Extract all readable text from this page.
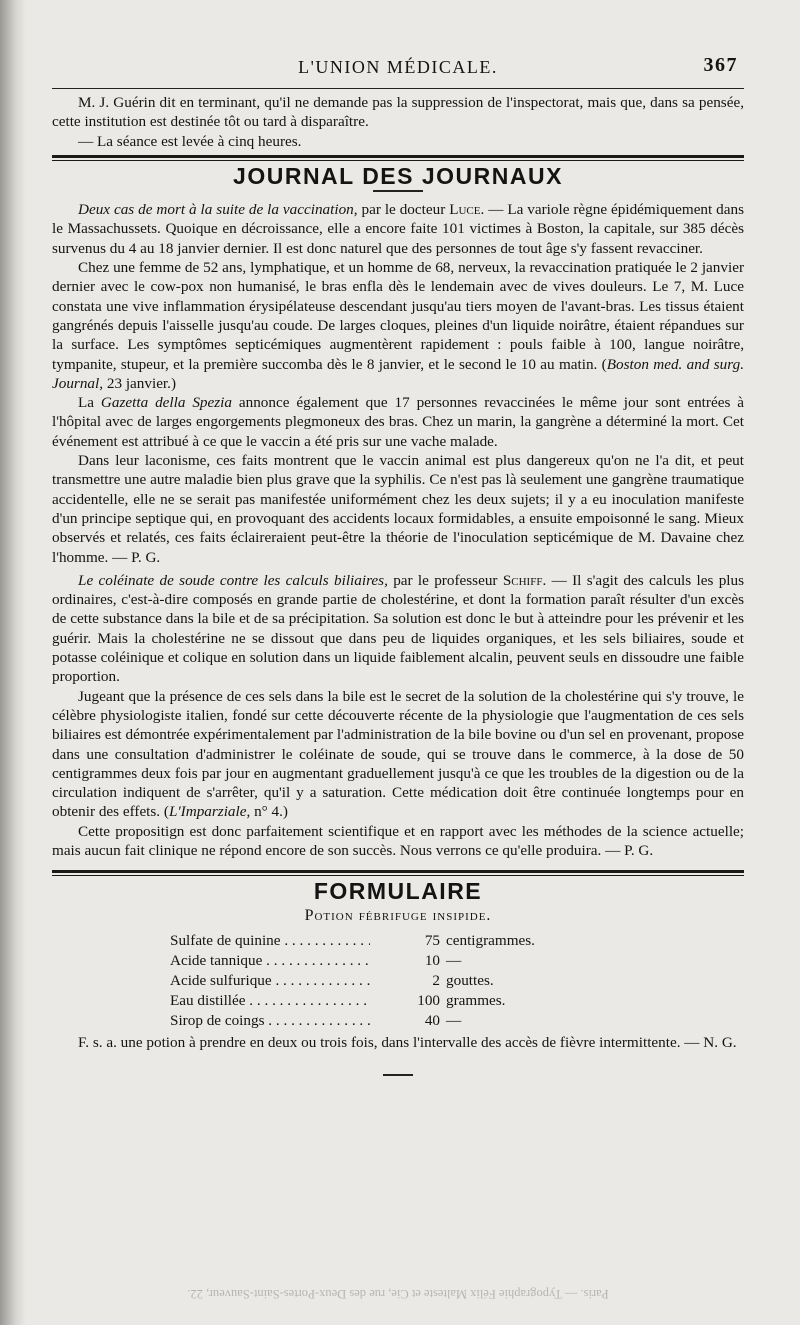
L'UNION MÉDICALE.	367

M. J. Guérin dit en terminant, qu'il ne demande pas la suppression de l'inspectorat, mais que, dans sa pensée, cette institution est destinée tôt ou tard à disparaître.

— La séance est levée à cinq heures.

JOURNAL DES JOURNAUX

Deux cas de mort à la suite de la vaccination, par le docteur Luce. — La variole règne épidémiquement dans le Massachussets. Quoique en décroissance, elle a encore faite 101 victimes à Boston, la capitale, sur 385 décès survenus du 4 au 18 janvier dernier. Il est donc naturel que des personnes de tout âge s'y fassent revacciner.

Chez une femme de 52 ans, lymphatique, et un homme de 68, nerveux, la revaccination pratiquée le 2 janvier dernier avec le cow-pox non humanisé, le bras enfla dès le lendemain avec de vives douleurs. Le 7, M. Luce constata une vive inflammation érysipélateuse descendant jusqu'au tiers moyen de l'avant-bras. Les tissus étaient gangrénés depuis l'aisselle jusqu'au coude. De larges cloques, pleines d'un liquide noirâtre, étaient répandues sur la surface. Les symptômes septicémiques augmentèrent rapidement : pouls faible à 100, langue noirâtre, tympanite, stupeur, et la première succomba dès le 8 janvier, et le second le 10 au matin. (Boston med. and surg. Journal, 23 janvier.)

La Gazetta della Spezia annonce également que 17 personnes revaccinées le même jour sont entrées à l'hôpital avec de larges engorgements plegmoneux des bras. Chez un marin, la gangrène a déterminé la mort. Cet événement est attribué à ce que le vaccin a été pris sur une vache malade.

Dans leur laconisme, ces faits montrent que le vaccin animal est plus dangereux qu'on ne l'a dit, et peut transmettre une autre maladie bien plus grave que la syphilis. Ce n'est pas là seulement une gangrène traumatique accidentelle, elle ne se serait pas manifestée uniformément chez les deux sujets; il y a eu inoculation manifeste d'un principe septique qui, en provoquant des accidents locaux formidables, a ensuite empoisonné le sang. Mieux observés et relatés, ces faits éclaireraient peut-être la théorie de l'inoculation septicémique de M. Davaine chez l'homme. — P. G.

Le coléinate de soude contre les calculs biliaires, par le professeur Schiff. — Il s'agit des calculs les plus ordinaires, c'est-à-dire composés en grande partie de cholestérine, et dont la formation paraît résulter d'un excès de cette substance dans la bile et de sa précipitation. Sa solution est donc le but à atteindre pour les prévenir et les guérir. Mais la cholestérine ne se dissout que dans peu de liquides organiques, et les sels biliaires, soude et potasse coléinique et colique en solution dans un liquide faiblement alcalin, peuvent seuls en dissoudre une faible proportion.

Jugeant que la présence de ces sels dans la bile est le secret de la solution de la cholestérine qui s'y trouve, le célèbre physiologiste italien, fondé sur cette découverte récente de la physiologie que l'augmentation de ces sels biliaires est démontrée expérimentalement par l'administration de la bile bovine ou d'un sel en provenant, propose dans une consultation d'administrer le coléinate de soude, qui se trouve dans le commerce, à la dose de 50 centigrammes deux fois par jour en augmentant graduellement jusqu'à ce que les troubles de la digestion ou de la circulation indiquent de s'arrêter, qu'il y a saturation. Cette médication doit être continuée longtemps pour en obtenir des effets. (L'Imparziale, n° 4.)

Cette propositign est donc parfaitement scientifique et en rapport avec les méthodes de la science actuelle; mais aucun fait clinique ne répond encore de son succès. Nous verrons ce qu'elle produira. — P. G.

FORMULAIRE
Potion fébrifuge insipide.
Sulfate de quinine . . .	75 centigrammes.
Acide tannique . . .	10 —
Acide sulfurique . . .	2 gouttes.
Eau distillée . . .	100 grammes.
Sirop de coings . . .	40 —

F. s. a. une potion à prendre en deux ou trois fois, dans l'intervalle des accès de fièvre intermittente. — N. G.

Paris. — Typographie Félix Malteste et Cie, rue des Deux-Portes-Saint-Sauveur, 22.
